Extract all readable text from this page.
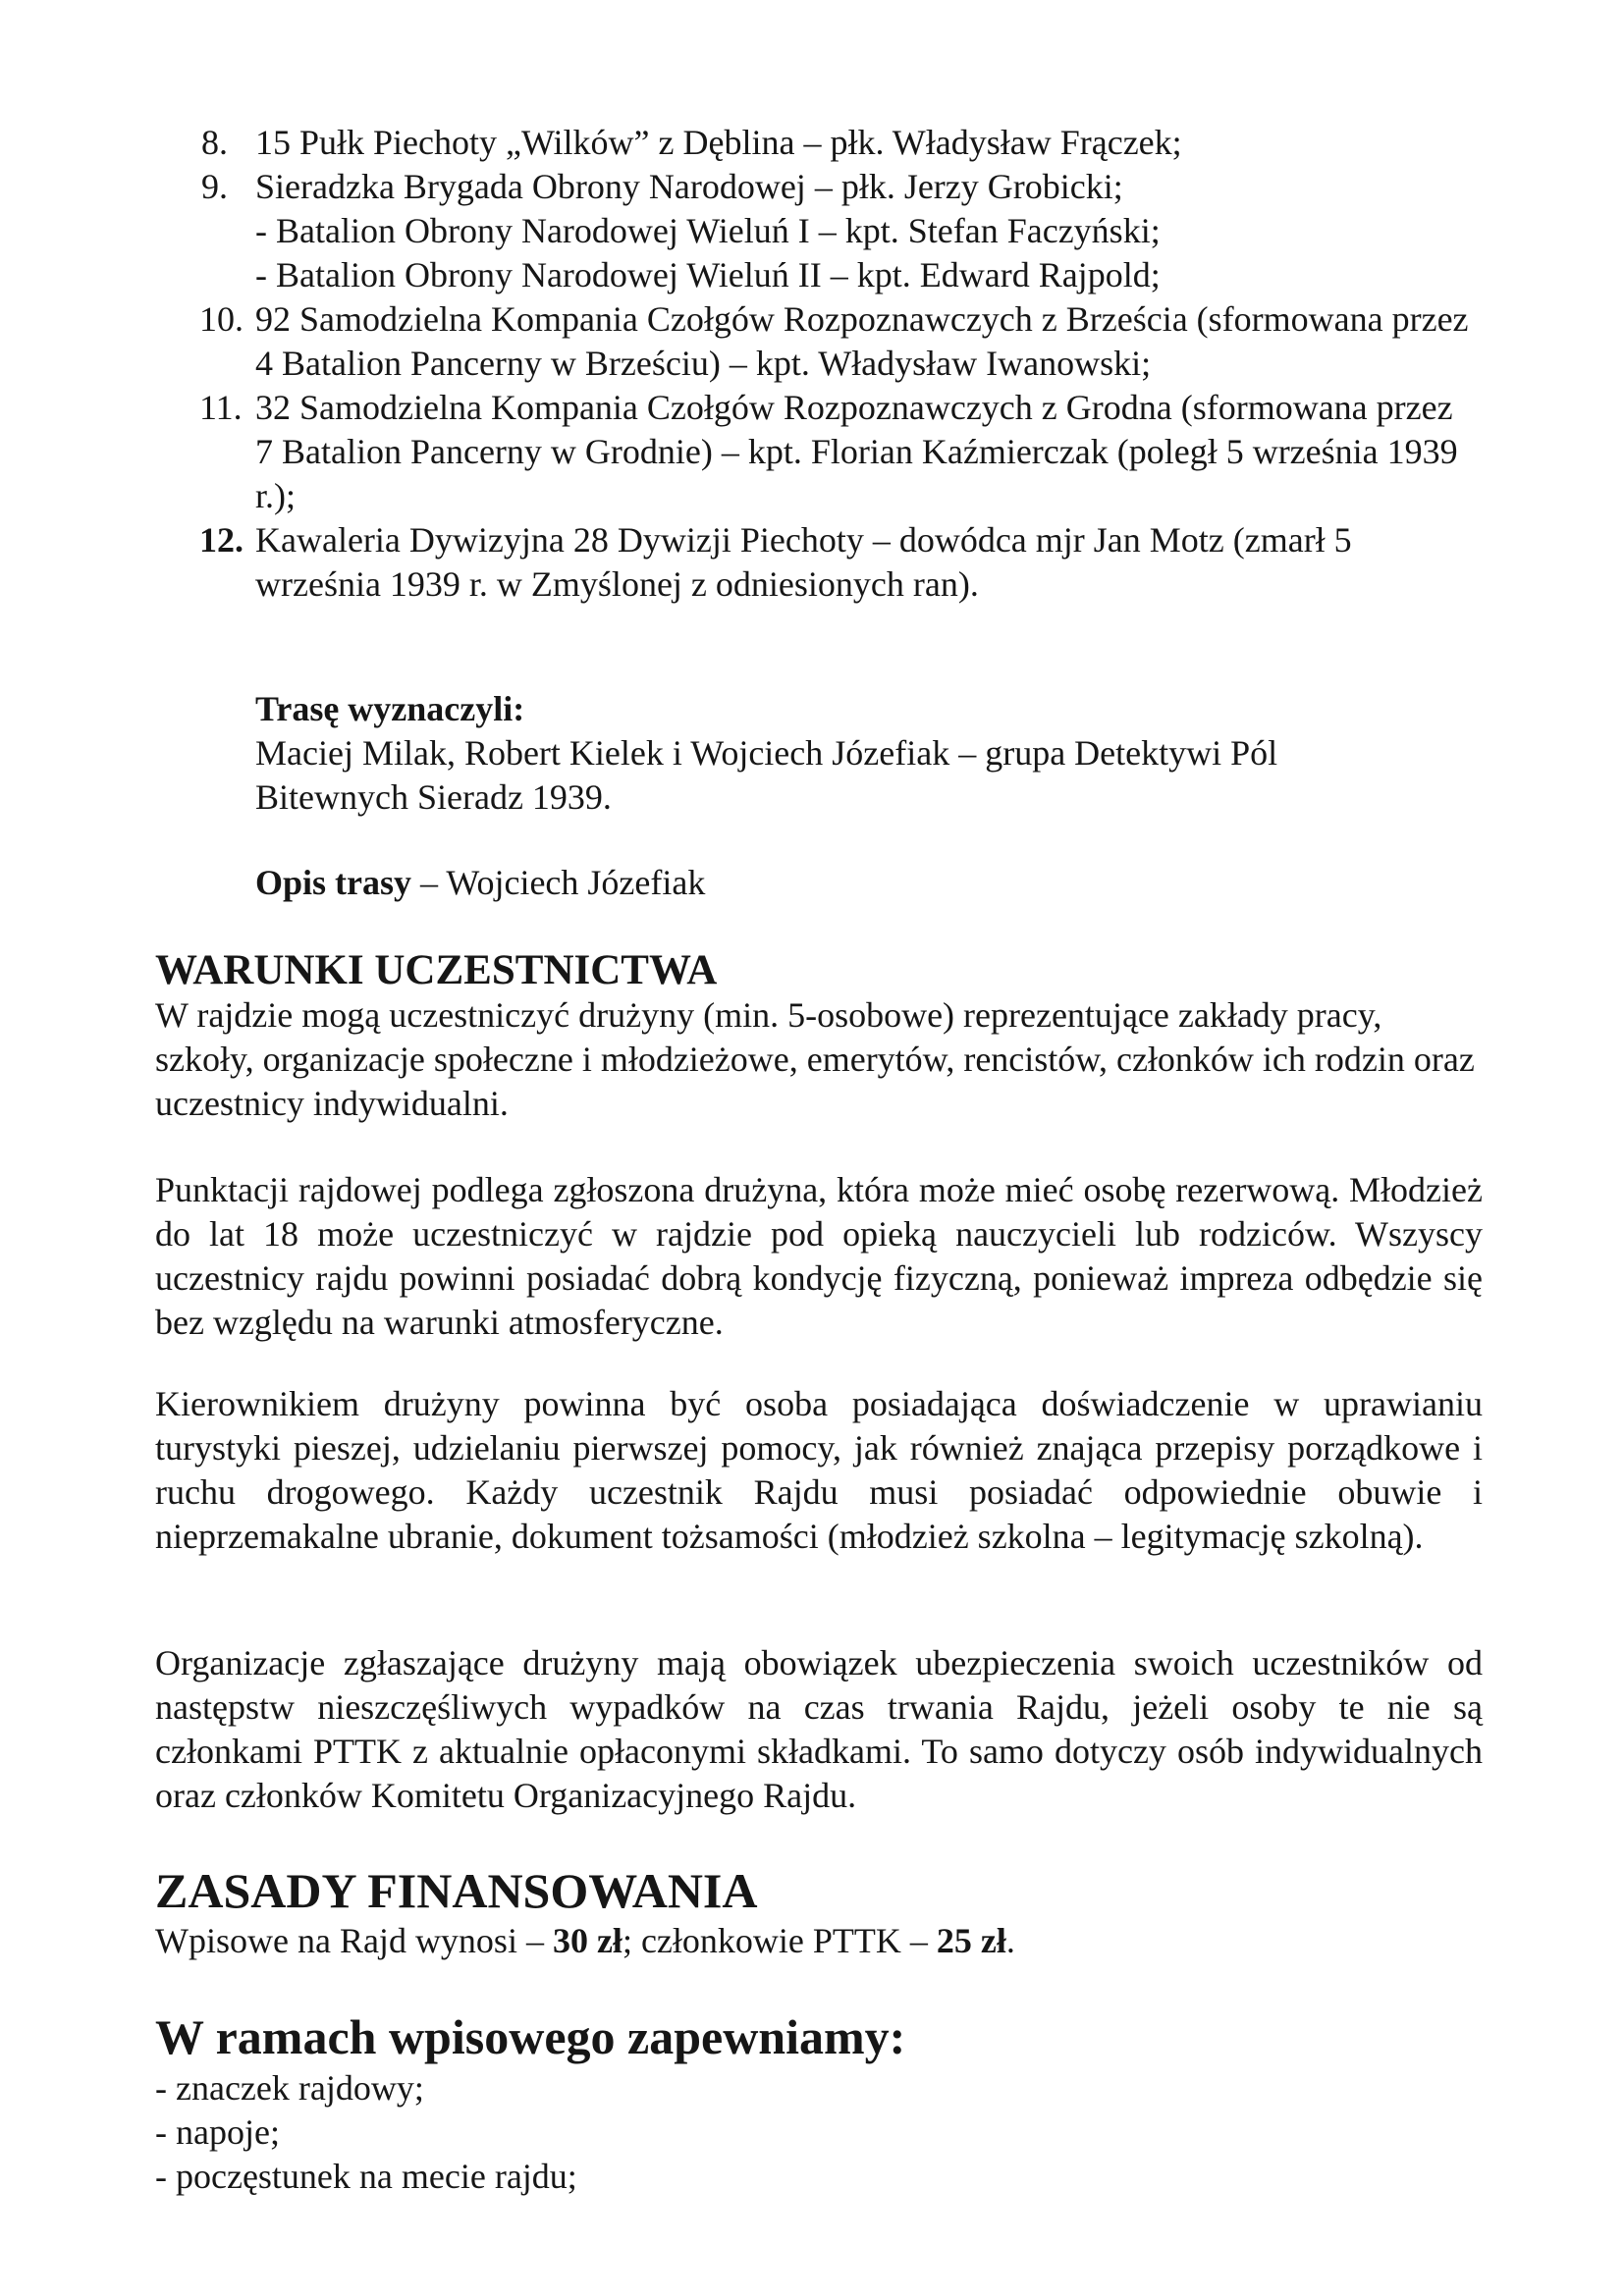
8. 15 Pułk Piechoty „Wilków” z Dęblina – płk. Władysław Frączek;
9. Sieradzka Brygada Obrony Narodowej – płk. Jerzy Grobicki;
- Batalion Obrony Narodowej Wieluń I – kpt. Stefan Faczyński;
- Batalion Obrony Narodowej Wieluń II – kpt. Edward Rajpold;
10. 92 Samodzielna Kompania Czołgów Rozpoznawczych z Brześcia (sformowana przez 4 Batalion Pancerny w Brześciu) – kpt. Władysław Iwanowski;
11. 32 Samodzielna Kompania Czołgów Rozpoznawczych z Grodna (sformowana przez 7 Batalion Pancerny w Grodnie) – kpt. Florian Kaźmierczak (poległ 5 września 1939 r.);
12. Kawaleria Dywizyjna 28 Dywizji Piechoty – dowódca mjr Jan Motz (zmarł 5 września 1939 r. w Zmyślonej z odniesionych ran).
Trasę wyznaczyli:
Maciej Milak, Robert Kielek i Wojciech Józefiak – grupa Detektywi Pól Bitewnych Sieradz 1939.
Opis trasy – Wojciech Józefiak
WARUNKI UCZESTNICTWA
W rajdzie mogą uczestniczyć drużyny (min. 5-osobowe) reprezentujące zakłady pracy, szkoły, organizacje społeczne i młodzieżowe, emerytów, rencistów, członków ich rodzin oraz uczestnicy indywidualni.
Punktacji rajdowej podlega zgłoszona drużyna, która może mieć osobę rezerwową. Młodzież do lat 18 może uczestniczyć w rajdzie pod opieką nauczycieli lub rodziców. Wszyscy uczestnicy rajdu powinni posiadać dobrą kondycję fizyczną, ponieważ impreza odbędzie się bez względu na warunki atmosferyczne.
Kierownikiem drużyny powinna być osoba posiadająca doświadczenie w uprawianiu turystyki pieszej, udzielaniu pierwszej pomocy, jak również znająca przepisy porządkowe i ruchu drogowego. Każdy uczestnik Rajdu musi posiadać odpowiednie obuwie i nieprzemakalne ubranie, dokument tożsamości (młodzież szkolna – legitymację szkolną).
Organizacje zgłaszające drużyny mają obowiązek ubezpieczenia swoich uczestników od następstw nieszczęśliwych wypadków na czas trwania Rajdu, jeżeli osoby te nie są członkami PTTK z aktualnie opłaconymi składkami. To samo dotyczy osób indywidualnych oraz członków Komitetu Organizacyjnego Rajdu.
ZASADY FINANSOWANIA
Wpisowe na Rajd wynosi – 30 zł; członkowie PTTK – 25 zł.
W ramach wpisowego zapewniamy:
- znaczek rajdowy;
- napoje;
- poczęstunek na mecie rajdu;
